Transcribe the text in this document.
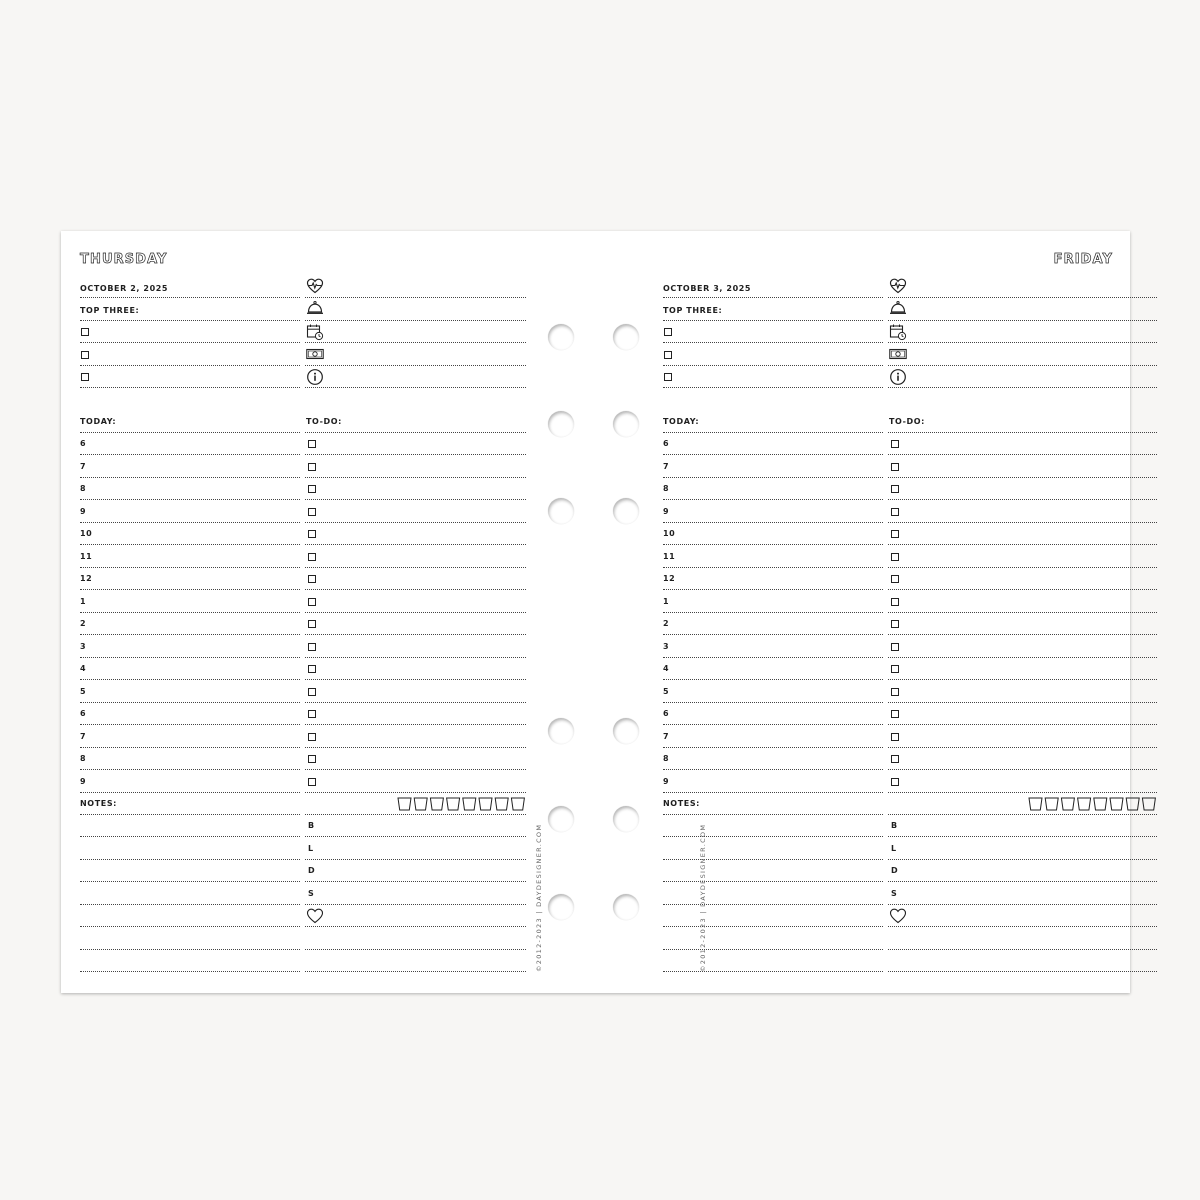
THURSDAY
OCTOBER 2, 2025
TOP THREE:
TODAY:	TO-DO:
6
7
8
9
10
11
12
1
2
3
4
5
6
7
8
9
NOTES:
B
L
D
S	©2012-2023 | DAYDESIGNER.COM
FRIDAY
OCTOBER 3, 2025
TOP THREE:
TODAY:	TO-DO:
6
7
8
9
10
11
12
1
2
3
4
5
6
7
8
9
NOTES:
B
L
D
S
©2012-2023 | DAYDESIGNER.COM
